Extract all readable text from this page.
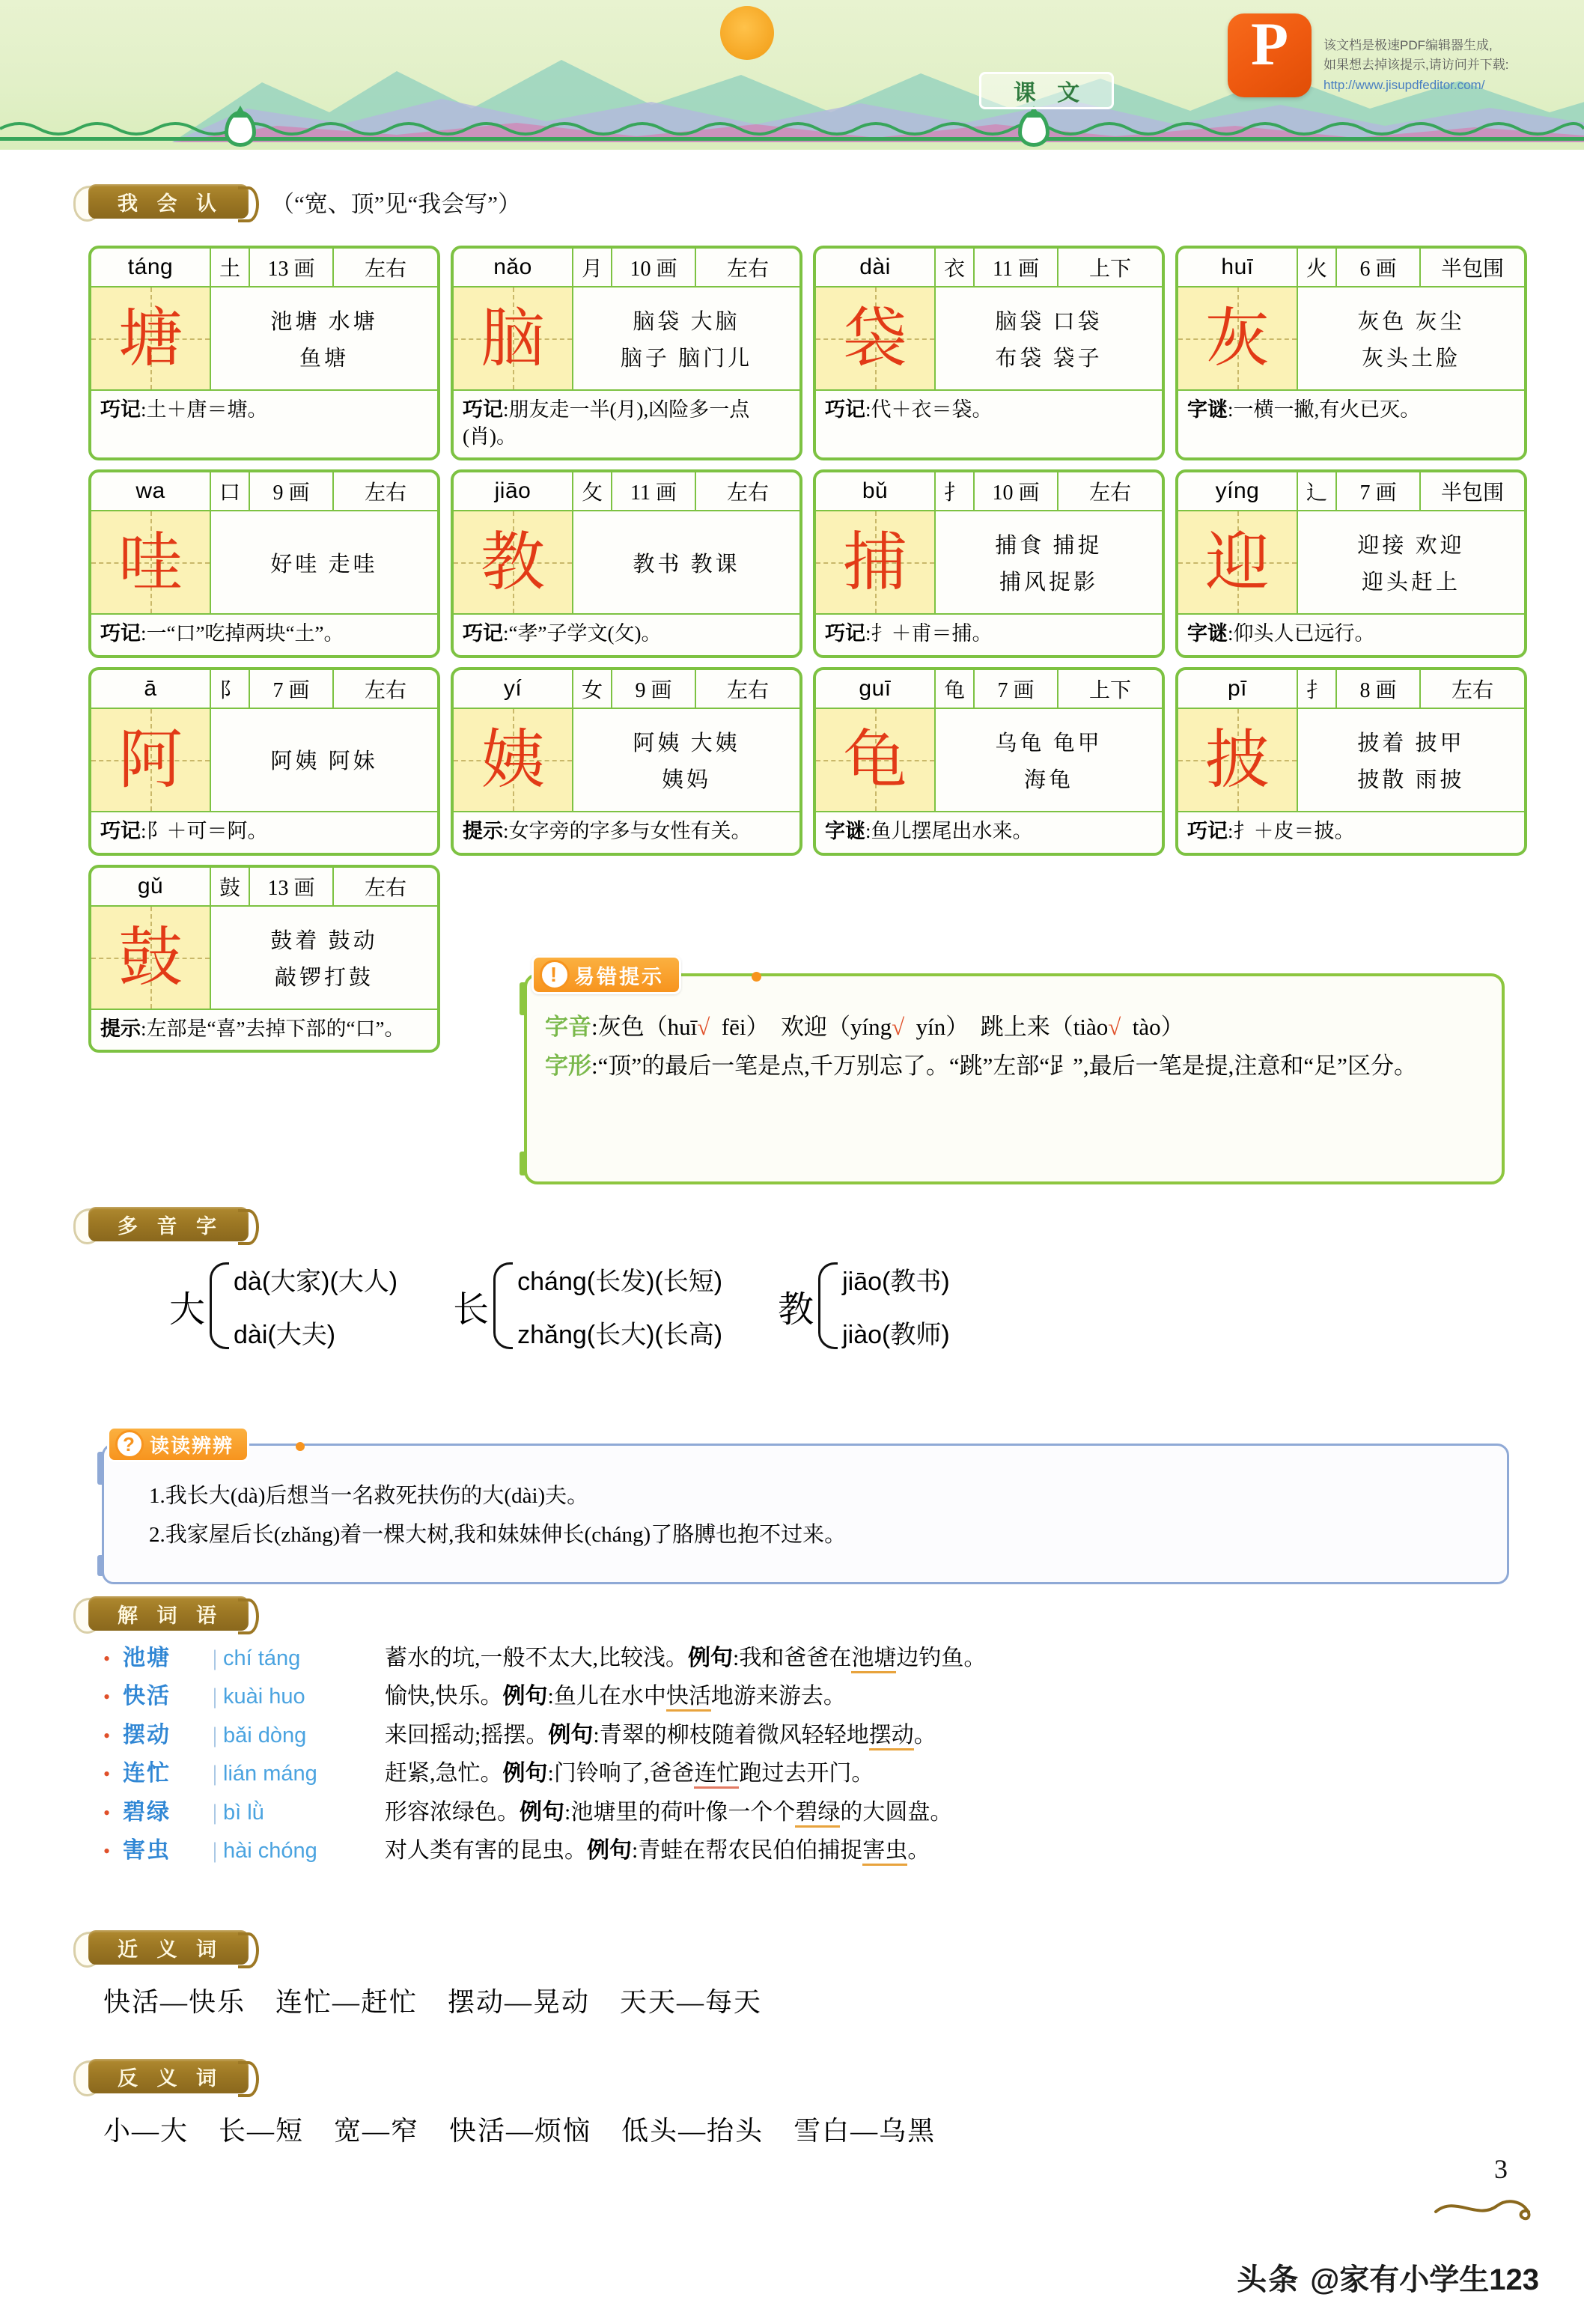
课 文
P	该文档是极速PDF编辑器生成,
如果想去掉该提示,请访问并下载:
http://www.jisupdfeditor.com/
我 会 认	（“宽、顶”见“我会写”）
táng	土	13 画	左右
塘	池塘 水塘
鱼塘
巧记:土＋唐＝塘。
nǎo	月	10 画	左右
脑	脑袋 大脑
脑子 脑门儿
巧记:朋友走一半(月),凶险多一点(肖)。
dài	衣	11 画	上下
袋	脑袋 口袋
布袋 袋子
巧记:代＋衣＝袋。
huī	火	6 画	半包围
灰	灰色 灰尘
灰头土脸
字谜:一横一撇,有火已灭。
wa	口	9 画	左右
哇	好哇 走哇
巧记:一“口”吃掉两块“土”。
jiāo	攵	11 画	左右
教	教书 教课
巧记:“孝”子学文(攵)。
bǔ	扌	10 画	左右
捕	捕食 捕捉
捕风捉影
巧记:扌＋甫＝捕。
yíng	辶	7 画	半包围
迎	迎接 欢迎
迎头赶上
字谜:仰头人已远行。
ā	阝	7 画	左右
阿	阿姨 阿妹
巧记:阝＋可＝阿。
yí	女	9 画	左右
姨	阿姨 大姨
姨妈
提示:女字旁的字多与女性有关。
guī	龟	7 画	上下
龟	乌龟 龟甲
海龟
字谜:鱼儿摆尾出水来。
pī	扌	8 画	左右
披	披着 披甲
披散 雨披
巧记:扌＋皮＝披。
gǔ	鼓	13 画	左右
鼓	鼓着 鼓动
敲锣打鼓
提示:左部是“喜”去掉下部的“口”。
! 易错提示
字音:灰色（huī√ fēi）  欢迎（yíng√ yín）  跳上来（tiào√ tào）
字形:“顶”的最后一笔是点,千万别忘了。“跳”左部“𧾷”,最后一笔是提,注意和“足”区分。
多 音 字
大
dà(大家)(大人)
dài(大夫)
长
cháng(长发)(长短)
zhǎng(长大)(长高)
教
jiāo(教书)
jiào(教师)
? 读读辨辨
1.我长大(dà)后想当一名救死扶伤的大(dài)夫。
2.我家屋后长(zhǎng)着一棵大树,我和妹妹伸长(cháng)了胳膊也抱不过来。
解 词 语
• 池塘	| chí táng	蓄水的坑,一般不太大,比较浅。例句:我和爸爸在池塘边钓鱼。
• 快活	| kuài huo	愉快,快乐。例句:鱼儿在水中快活地游来游去。
• 摆动	| bǎi dòng	来回摇动;摇摆。例句:青翠的柳枝随着微风轻轻地摆动。
• 连忙	| lián máng	赶紧,急忙。例句:门铃响了,爸爸连忙跑过去开门。
• 碧绿	| bì lǜ	形容浓绿色。例句:池塘里的荷叶像一个个碧绿的大圆盘。
• 害虫	| hài chóng	对人类有害的昆虫。例句:青蛙在帮农民伯伯捕捉害虫。
近 义 词
快活—快乐 连忙—赶忙 摆动—晃动 天天—每天
反 义 词
小—大 长—短 宽—窄 快活—烦恼 低头—抬头 雪白—乌黑
3
头条 @家有小学生123
